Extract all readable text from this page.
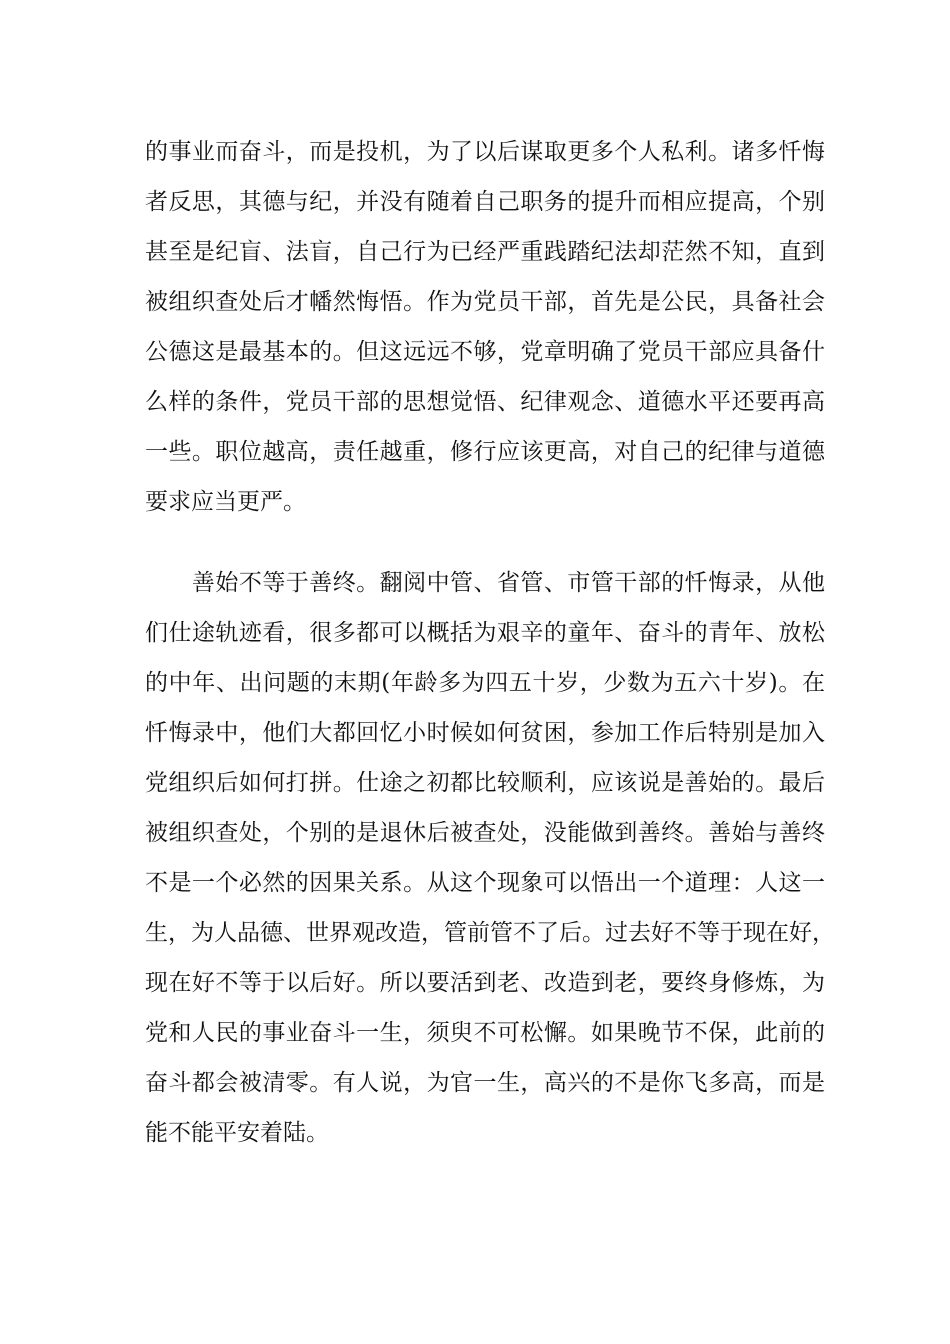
的事业而奋斗，而是投机，为了以后谋取更多个人私利。诸多忏悔
者反思，其德与纪，并没有随着自己职务的提升而相应提高，个别
甚至是纪盲、法盲，自己行为已经严重践踏纪法却茫然不知，直到
被组织查处后才幡然悔悟。作为党员干部，首先是公民，具备社会
公德这是最基本的。但这远远不够，党章明确了党员干部应具备什
么样的条件，党员干部的思想觉悟、纪律观念、道德水平还要再高
一些。职位越高，责任越重，修行应该更高，对自己的纪律与道德
要求应当更严。
　　善始不等于善终。翻阅中管、省管、市管干部的忏悔录，从他
们仕途轨迹看，很多都可以概括为艰辛的童年、奋斗的青年、放松
的中年、出问题的末期(年龄多为四五十岁，少数为五六十岁)。在
忏悔录中，他们大都回忆小时候如何贫困，参加工作后特别是加入
党组织后如何打拼。仕途之初都比较顺利，应该说是善始的。最后
被组织查处，个别的是退休后被查处，没能做到善终。善始与善终
不是一个必然的因果关系。从这个现象可以悟出一个道理：人这一
生，为人品德、世界观改造，管前管不了后。过去好不等于现在好，
现在好不等于以后好。所以要活到老、改造到老，要终身修炼，为
党和人民的事业奋斗一生，须臾不可松懈。如果晚节不保，此前的
奋斗都会被清零。有人说，为官一生，高兴的不是你飞多高，而是
能不能平安着陆。
